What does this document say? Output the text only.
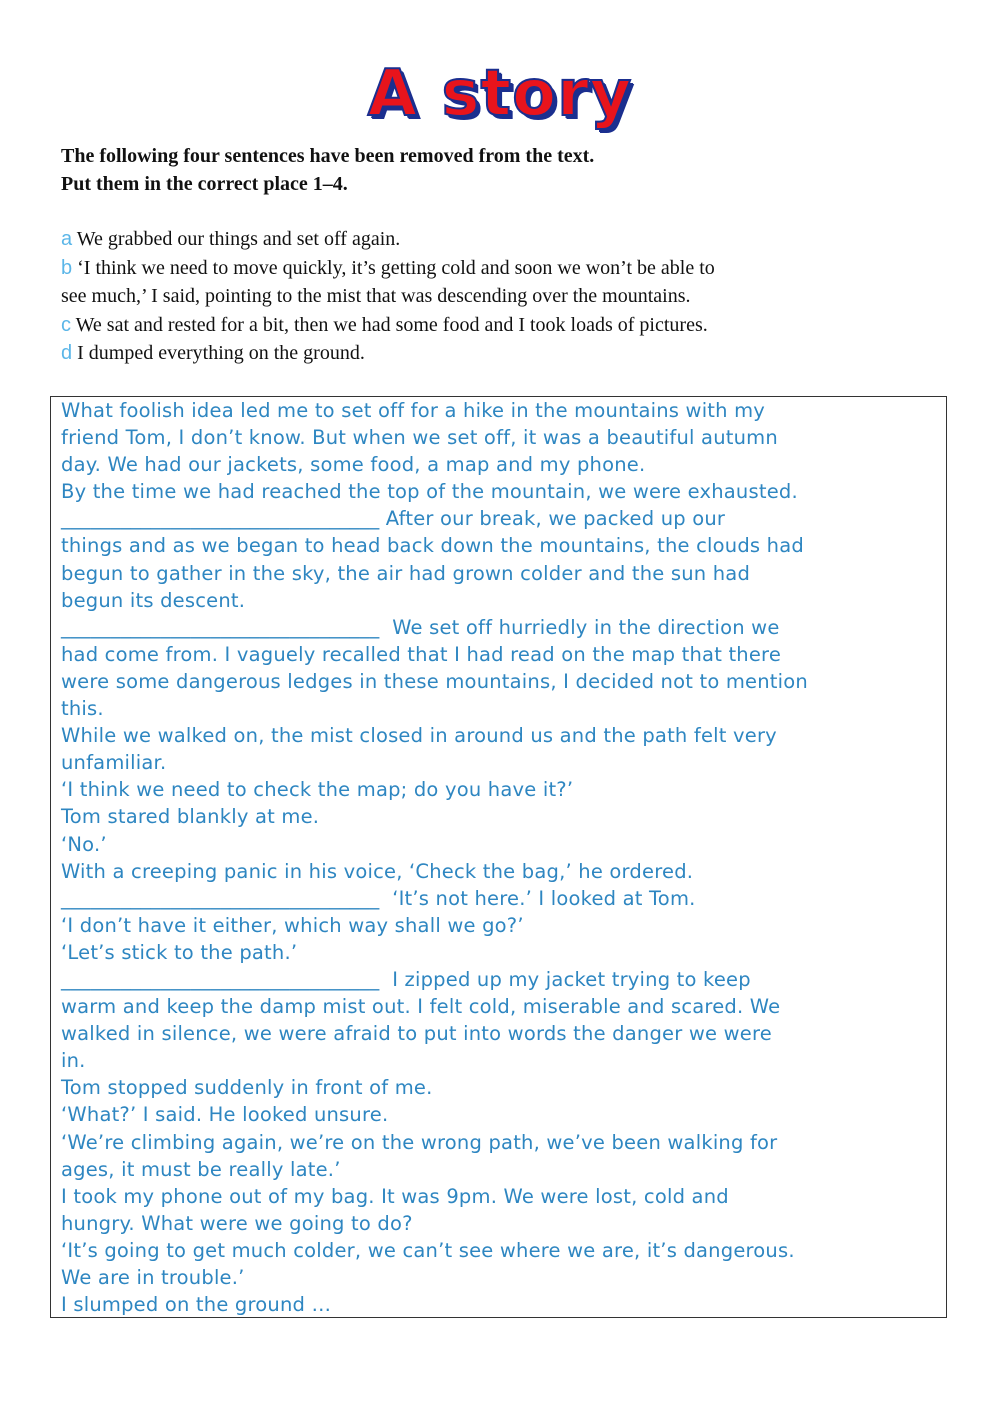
A story
The following four sentences have been removed from the text.
Put them in the correct place 1–4.
a We grabbed our things and set off again.
b ‘I think we need to move quickly, it’s getting cold and soon we won’t be able to
see much,’ I said, pointing to the mist that was descending over the mountains.
c We sat and rested for a bit, then we had some food and I took loads of pictures.
d I dumped everything on the ground.
What foolish idea led me to set off for a hike in the mountains with my
friend Tom, I don’t know. But when we set off, it was a beautiful autumn
day. We had our jackets, some food, a map and my phone.
By the time we had reached the top of the mountain, we were exhausted.
________________________________ After our break, we packed up our
things and as we began to head back down the mountains, the clouds had
begun to gather in the sky, the air had grown colder and the sun had
begun its descent.
________________________________  We set off hurriedly in the direction we
had come from. I vaguely recalled that I had read on the map that there
were some dangerous ledges in these mountains, I decided not to mention
this.
While we walked on, the mist closed in around us and the path felt very
unfamiliar.
‘I think we need to check the map; do you have it?’
Tom stared blankly at me.
‘No.’
With a creeping panic in his voice, ‘Check the bag,’ he ordered.
________________________________  ‘It’s not here.’ I looked at Tom.
‘I don’t have it either, which way shall we go?’
‘Let’s stick to the path.’
________________________________  I zipped up my jacket trying to keep
warm and keep the damp mist out. I felt cold, miserable and scared. We
walked in silence, we were afraid to put into words the danger we were
in.
Tom stopped suddenly in front of me.
‘What?’ I said. He looked unsure.
‘We’re climbing again, we’re on the wrong path, we’ve been walking for
ages, it must be really late.’
I took my phone out of my bag. It was 9pm. We were lost, cold and
hungry. What were we going to do?
‘It’s going to get much colder, we can’t see where we are, it’s dangerous.
We are in trouble.’
I slumped on the ground …
